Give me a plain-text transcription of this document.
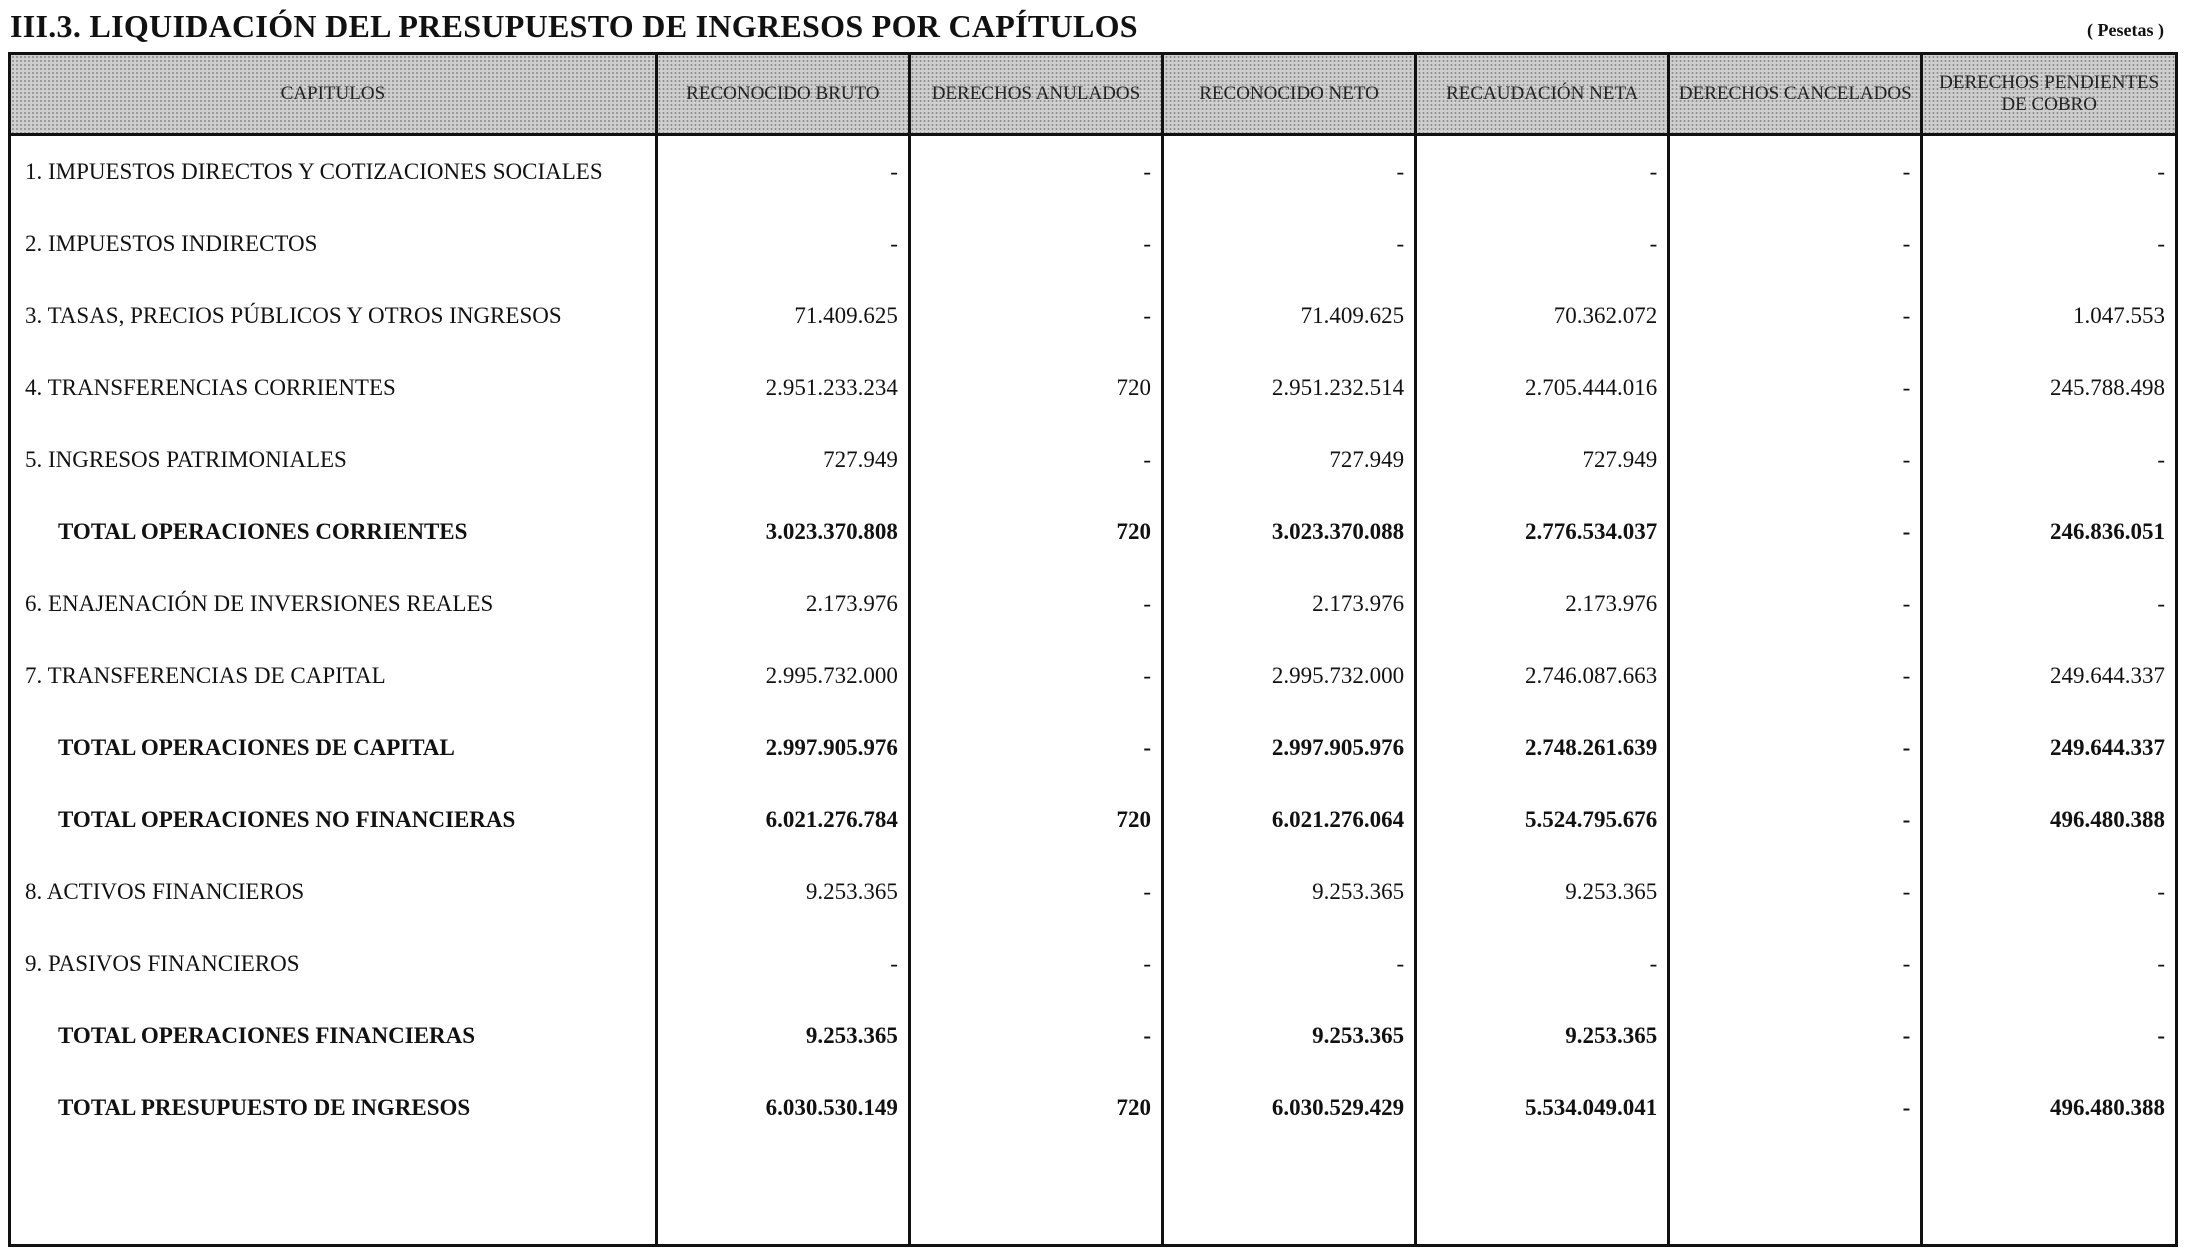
III.3. LIQUIDACIÓN DEL PRESUPUESTO DE INGRESOS POR CAPÍTULOS	( Pesetas )
CAPITULOS	RECONOCIDO BRUTO	DERECHOS ANULADOS	RECONOCIDO NETO	RECAUDACIÓN NETA	DERECHOS CANCELADOS	DERECHOS PENDIENTES DE COBRO
1. IMPUESTOS DIRECTOS Y COTIZACIONES SOCIALES	-	-	-	-	-	-
2. IMPUESTOS INDIRECTOS	-	-	-	-	-	-
3. TASAS, PRECIOS PÚBLICOS Y OTROS INGRESOS	71.409.625	-	71.409.625	70.362.072	-	1.047.553
4. TRANSFERENCIAS CORRIENTES	2.951.233.234	720	2.951.232.514	2.705.444.016	-	245.788.498
5. INGRESOS PATRIMONIALES	727.949	-	727.949	727.949	-	-
TOTAL OPERACIONES CORRIENTES	3.023.370.808	720	3.023.370.088	2.776.534.037	-	246.836.051
6. ENAJENACIÓN DE INVERSIONES REALES	2.173.976	-	2.173.976	2.173.976	-	-
7. TRANSFERENCIAS DE CAPITAL	2.995.732.000	-	2.995.732.000	2.746.087.663	-	249.644.337
TOTAL OPERACIONES DE CAPITAL	2.997.905.976	-	2.997.905.976	2.748.261.639	-	249.644.337
TOTAL OPERACIONES NO FINANCIERAS	6.021.276.784	720	6.021.276.064	5.524.795.676	-	496.480.388
8. ACTIVOS FINANCIEROS	9.253.365	-	9.253.365	9.253.365	-	-
9. PASIVOS FINANCIEROS	-	-	-	-	-	-
TOTAL OPERACIONES FINANCIERAS	9.253.365	-	9.253.365	9.253.365	-	-
TOTAL PRESUPUESTO DE INGRESOS	6.030.530.149	720	6.030.529.429	5.534.049.041	-	496.480.388
